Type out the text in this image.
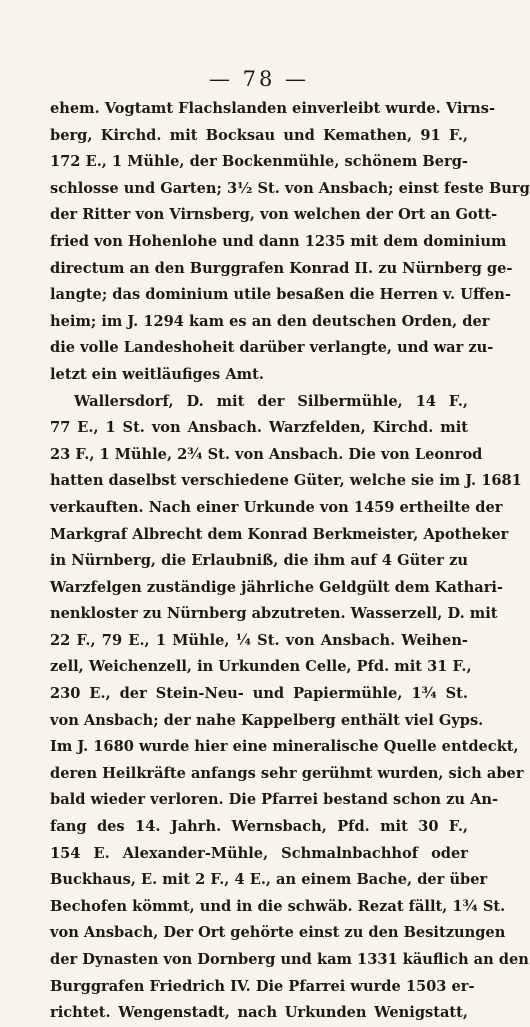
— 78 —
ehem. Vogtamt Flachslanden einverleibt wurde. Virns-
berg, Kirchd. mit Bocksau und Kemathen, 91 F.,
172 E., 1 Mühle, der Bockenmühle, schönem Berg-
schlosse und Garten; 3½ St. von Ansbach; einst feste Burg
der Ritter von Virnsberg, von welchen der Ort an Gott-
fried von Hohenlohe und dann 1235 mit dem dominium
directum an den Burggrafen Konrad II. zu Nürnberg ge-
langte; das dominium utile besaßen die Herren v. Uffen-
heim; im J. 1294 kam es an den deutschen Orden, der
die volle Landeshoheit darüber verlangte, und war zu-
letzt ein weitläufiges Amt.
Wallersdorf, D. mit der Silbermühle, 14 F.,
77 E., 1 St. von Ansbach. Warzfelden, Kirchd. mit
23 F., 1 Mühle, 2¾ St. von Ansbach. Die von Leonrod
hatten daselbst verschiedene Güter, welche sie im J. 1681
verkauften. Nach einer Urkunde von 1459 ertheilte der
Markgraf Albrecht dem Konrad Berkmeister, Apotheker
in Nürnberg, die Erlaubniß, die ihm auf 4 Güter zu
Warzfelgen zuständige jährliche Geldgült dem Kathari-
nenkloster zu Nürnberg abzutreten. Wasserzell, D. mit
22 F., 79 E., 1 Mühle, ¼ St. von Ansbach. Weihen-
zell, Weichenzell, in Urkunden Celle, Pfd. mit 31 F.,
230 E., der Stein-Neu- und Papiermühle, 1¾ St.
von Ansbach; der nahe Kappelberg enthält viel Gyps.
Im J. 1680 wurde hier eine mineralische Quelle entdeckt,
deren Heilkräfte anfangs sehr gerühmt wurden, sich aber
bald wieder verloren. Die Pfarrei bestand schon zu An-
fang des 14. Jahrh. Wernsbach, Pfd. mit 30 F.,
154 E. Alexander-Mühle, Schmalnbachhof oder
Buckhaus, E. mit 2 F., 4 E., an einem Bache, der über
Bechofen kömmt, und in die schwäb. Rezat fällt, 1¾ St.
von Ansbach, Der Ort gehörte einst zu den Besitzungen
der Dynasten von Dornberg und kam 1331 käuflich an den
Burggrafen Friedrich IV. Die Pfarrei wurde 1503 er-
richtet. Wengenstadt, nach Urkunden Wenigstatt,
